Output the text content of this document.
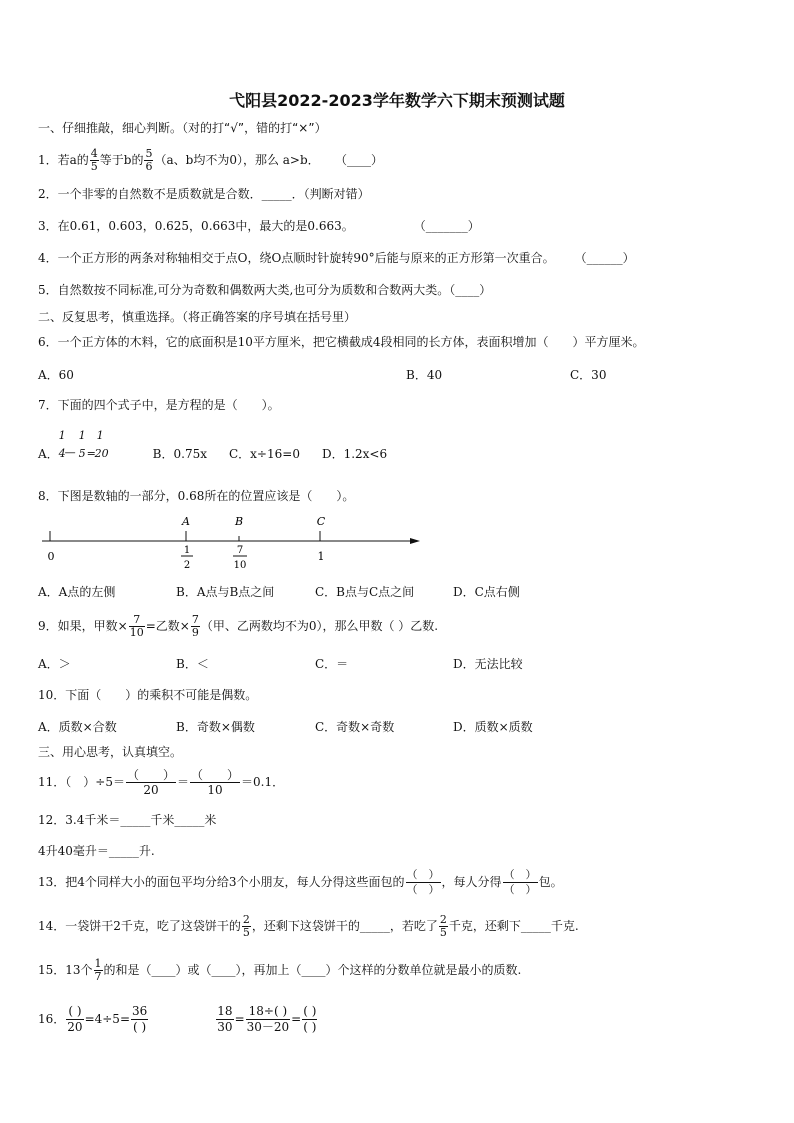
弋阳县2022-2023学年数学六下期末预测试题
一、仔细推敲，细心判断。（对的打“√”，错的打“×”）
1．若a的 $\frac{4}{5}$ 等于b的 $\frac{5}{6} (a$、b均不为0），那么 a>b． （____）
2．一个非零的自然数不是质数就是合数．_____．（判断对错）
3．在0.61，0.603，0.625，0.663中，最大的是0.663。	（_______）
4．一个正方形的两条对称轴相交于点O，绕O点顺时针旋转90°后能与原来的正方形第一次重合。 （______）
5．自然数按不同标准,可分为奇数和偶数两大类,也可分为质数和合数两大类。（____）
二、反复思考，慎重选择。（将正确答案的序号填在括号里）
6．一个正方体的木料，它的底面积是10平方厘米，把它横截成4段相同的长方体，表面积增加（　　）平方厘米。
A．60	B．40	C．30
7．下面的四个式子中，是方程的是（　　）。
A．
1 1 1
4 — 5 =
20	B．0.75x C．x÷16=0 D．1.2x<6
8．下图是数轴的一部分，0.68所在的位置应该是（　　）。
A	B	C
0	1
2
7
10
1
A．A点的左侧	B．A点与B点之间	C．B点与C点之间	D．C点右侧
9．如果，甲数× $\frac{7}{10}$ =乙数× $\frac{7}{9}$ （甲、乙两数均不为0），那么甲数（ ）乙数.
A．＞	B．＜	C．＝	D．无法比较
10．下面（　　）的乘积不可能是偶数。
A．质数×合数	B．奇数×偶数	C．奇数×奇数	D．质数×质数
三、用心思考，认真填空。
11．（　）$\div 5= \frac{( )}{20} = \frac{( )}{10} =0.1$．
12．3.4千米＝_____千米_____米
4升40毫升＝_____升.
13．把4个同样大小的面包平均分给3个小朋友，每人分得这些面包的 $\frac{( )}{( )}$ ，每人分得 $\frac{( )}{( )}$ 包。
14．一袋饼干2千克，吃了这袋饼干的 $\frac{2}{5}$ ，还剩下这袋饼干的_____，若吃了 $\frac{2}{5}$ 千克，还剩下_____千克.
15．13个 $\frac{1}{7}$ 的和是（____）或（____），再加上（____）个这样的分数单位就是最小的质数.
16． $\frac{( )}{20} =4\div 5= \frac{36}{( )}$	$\frac{18}{30} = \frac{18\div( )}{30-20} = \frac{( )}{( )}$
